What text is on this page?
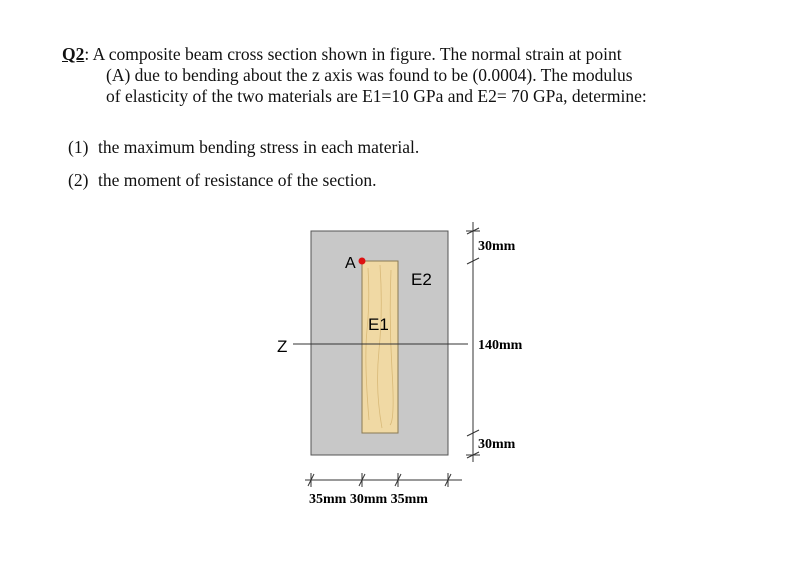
Q2: A composite beam cross section shown in figure. The normal strain at point
(A) due to bending about the z axis was found to be (0.0004). The modulus
of elasticity of the two materials are E1=10 GPa and E2= 70 GPa, determine:
(1) the maximum bending stress in each material.
(2) the moment of resistance of the section.
Z
A
E2
E1
30mm
140mm
30mm
35mm 30mm 35mm
